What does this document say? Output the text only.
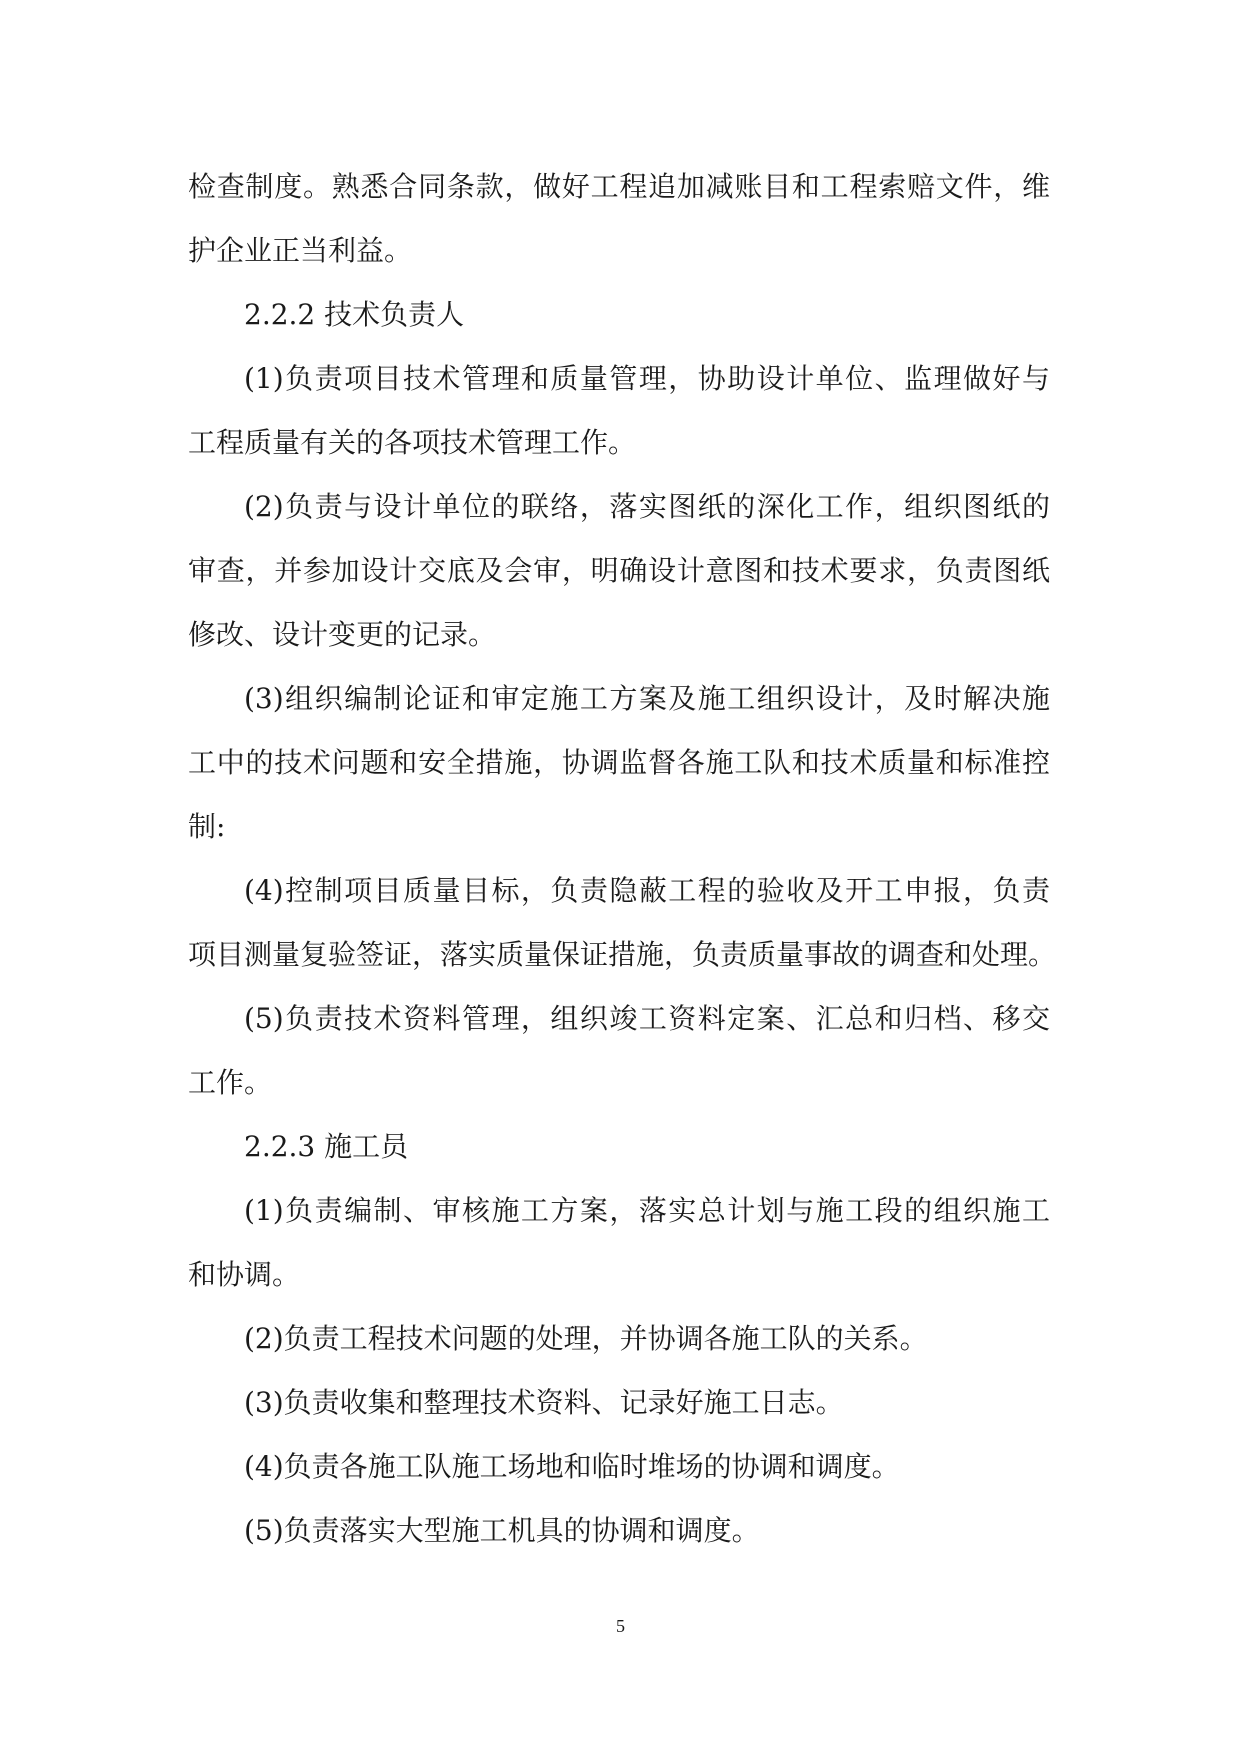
检查制度。熟悉合同条款，做好工程追加减账目和工程索赔文件，维
护企业正当利益。
2.2.2 技术负责人
(1)负责项目技术管理和质量管理，协助设计单位、监理做好与
工程质量有关的各项技术管理工作。
(2)负责与设计单位的联络，落实图纸的深化工作，组织图纸的
审查，并参加设计交底及会审，明确设计意图和技术要求，负责图纸
修改、设计变更的记录。
(3)组织编制论证和审定施工方案及施工组织设计，及时解决施
工中的技术问题和安全措施，协调监督各施工队和技术质量和标准控
制:
(4)控制项目质量目标，负责隐蔽工程的验收及开工申报，负责
项目测量复验签证，落实质量保证措施，负责质量事故的调查和处理。
(5)负责技术资料管理，组织竣工资料定案、汇总和归档、移交
工作。
2.2.3 施工员
(1)负责编制、审核施工方案，落实总计划与施工段的组织施工
和协调。
(2)负责工程技术问题的处理，并协调各施工队的关系。
(3)负责收集和整理技术资料、记录好施工日志。
(4)负责各施工队施工场地和临时堆场的协调和调度。
(5)负责落实大型施工机具的协调和调度。
5
